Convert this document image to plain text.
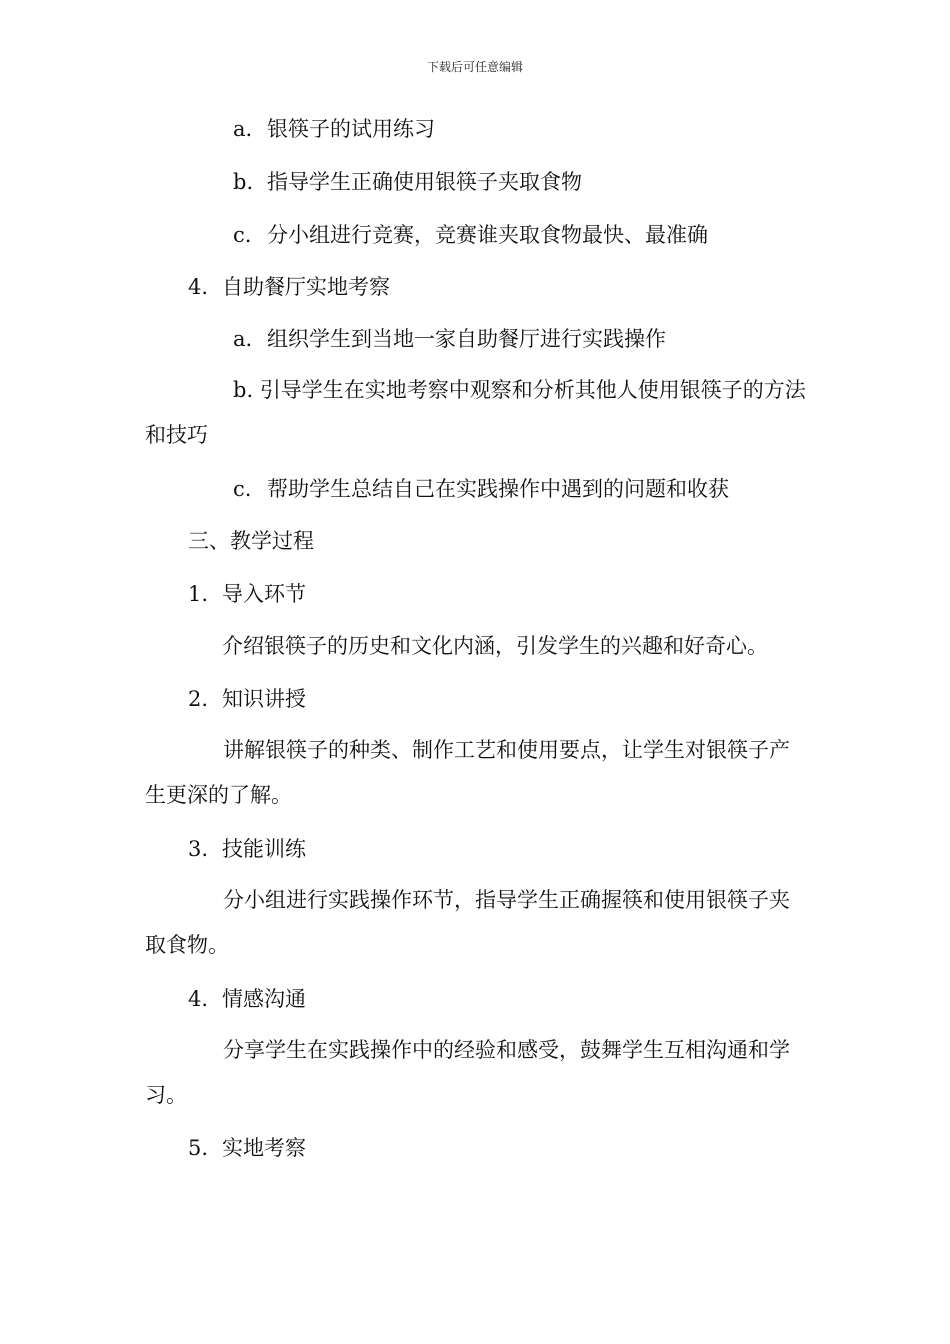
下载后可任意编辑
a. 银筷子的试用练习
b. 指导学生正确使用银筷子夹取食物
c. 分小组进行竞赛，竞赛谁夹取食物最快、最准确
4. 自助餐厅实地考察
a. 组织学生到当地一家自助餐厅进行实践操作
b. 引导学生在实地考察中观察和分析其他人使用银筷子的方法和技巧
c. 帮助学生总结自己在实践操作中遇到的问题和收获
三、教学过程
1. 导入环节
介绍银筷子的历史和文化内涵，引发学生的兴趣和好奇心。
2. 知识讲授
讲解银筷子的种类、制作工艺和使用要点，让学生对银筷子产生更深的了解。
3. 技能训练
分小组进行实践操作环节，指导学生正确握筷和使用银筷子夹取食物。
4. 情感沟通
分享学生在实践操作中的经验和感受，鼓舞学生互相沟通和学习。
5. 实地考察
